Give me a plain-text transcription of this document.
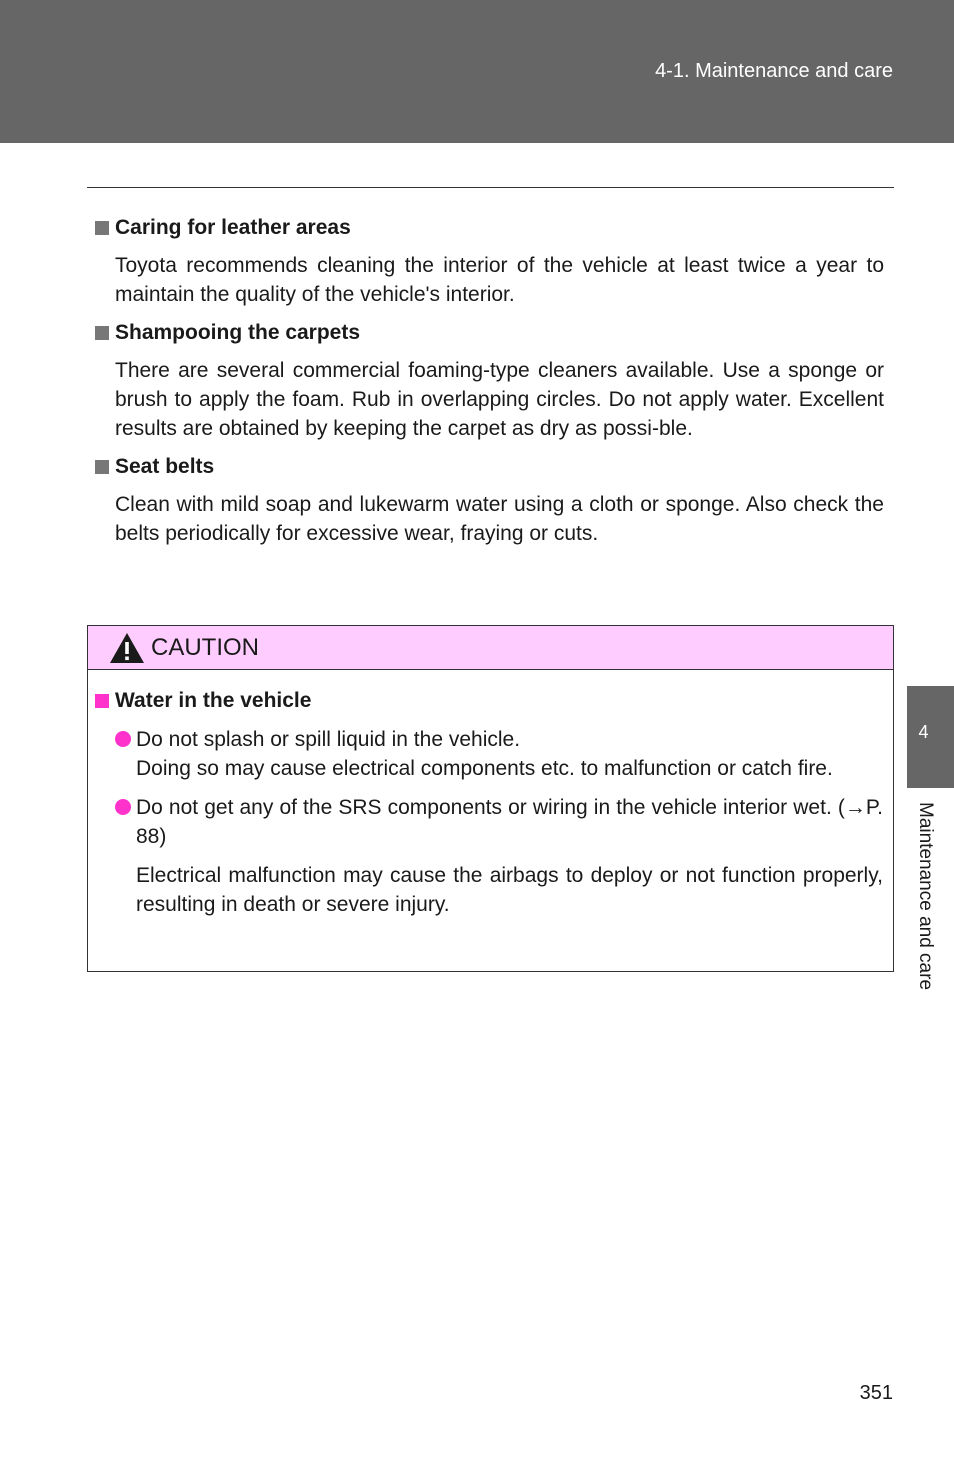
4-1. Maintenance and care
Caring for leather areas

Toyota recommends cleaning the interior of the vehicle at least twice a year to maintain the quality of the vehicle's interior.

Shampooing the carpets

There are several commercial foaming-type cleaners available. Use a sponge or brush to apply the foam. Rub in overlapping circles. Do not apply water. Excellent results are obtained by keeping the carpet as dry as possi-ble.

Seat belts

Clean with mild soap and lukewarm water using a cloth or sponge. Also check the belts periodically for excessive wear, fraying or cuts.

CAUTION
Water in the vehicle
Do not splash or spill liquid in the vehicle.
Doing so may cause electrical components etc. to malfunction or catch fire.
Do not get any of the SRS components or wiring in the vehicle interior wet. (→P. 88)
Electrical malfunction may cause the airbags to deploy or not function properly, resulting in death or severe injury.
4
Maintenance and care
351
